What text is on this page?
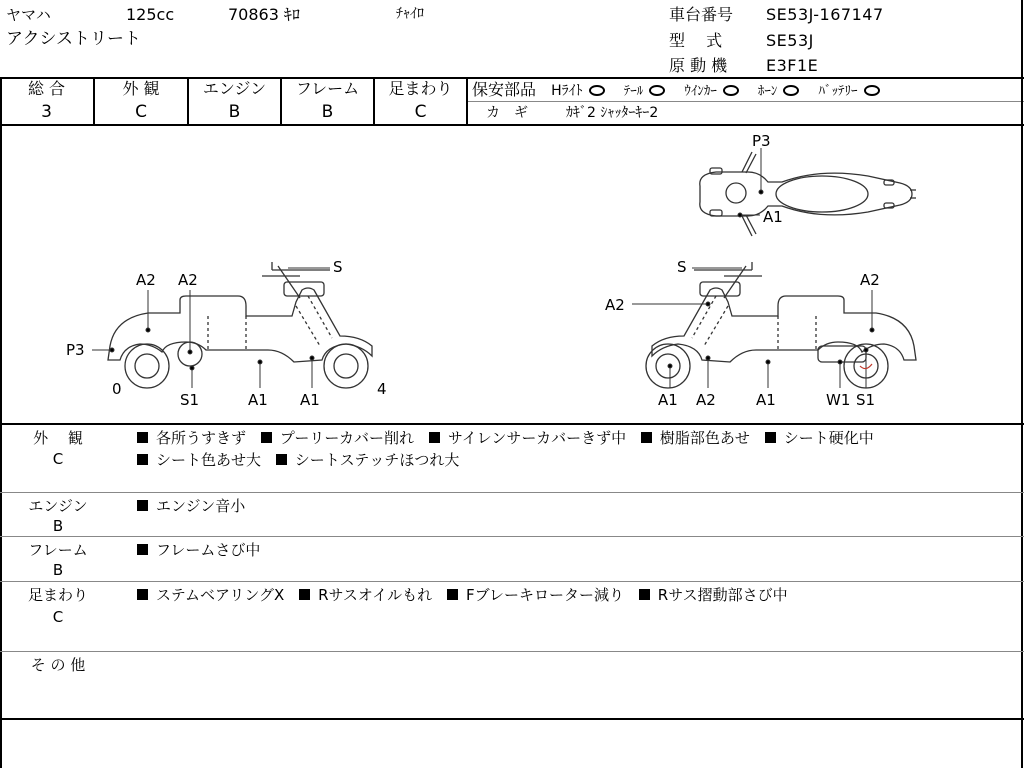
ヤマハ	125cc	70863 ｷﾛ	ﾁｬｲﾛ
アクシストリート
車台番号 SE53J-167147
型　 式	SE53J
原 動 機 E3F1E
総 合
3
外 観
C
エンジン
B
フレーム
B
足まわり
C
保安部品 Hﾗｲﾄ	ﾃｰﾙ	ｳｲﾝｶｰ	ﾎｰﾝ	ﾊﾞｯﾃﾘｰ
カ　ギ	ｶｷﾞ2 ｼｬｯﾀｰｷｰ2
P3
A1
S
A2 A2
P3
0
S1	A1 A1
4
S
A2
A2
A1 A2	A1	W1 S1
外　 観
C
各所うすきず プーリーカバー削れ サイレンサーカバーきず中 樹脂部色あせ シート硬化中
シート色あせ大 シートステッチほつれ大
エンジン
B
エンジン音小
フレーム
B
フレームさび中
足まわり
C
ステムベアリングX Rサスオイルもれ Fブレーキローター減り Rサス摺動部さび中
そ の 他
